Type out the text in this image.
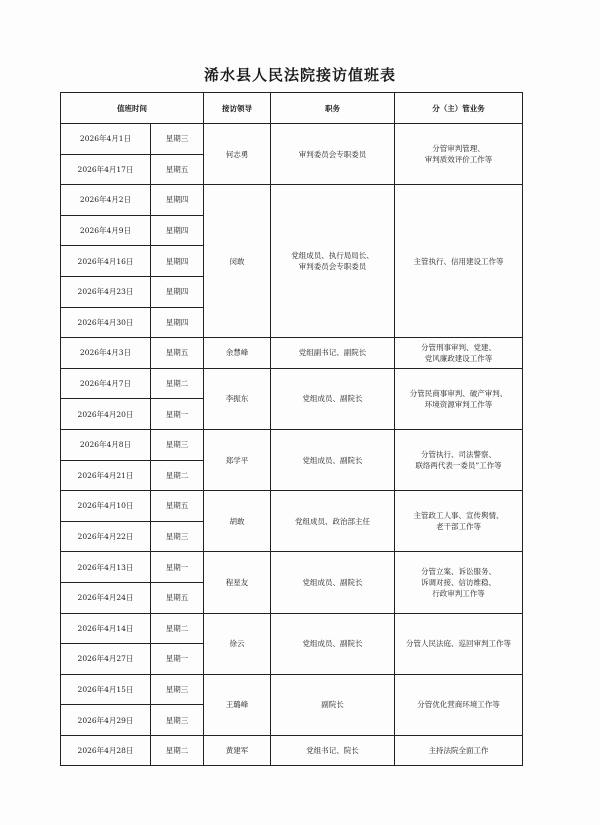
浠水县人民法院接访值班表
值班时间		接访领导	职务	分（主）管业务
2026年4月1日	星期三	何志勇	审判委员会专职委员	分管审判管理、
审判质效评价工作等

2026年4月17日	星期五			
2026年4月2日	星期四	闵敢	党组成员、执行局局长、
审判委员会专职委员	主管执行、信用建设工作等

2026年4月9日	星期四			
2026年4月16日	星期四			
2026年4月23日	星期四			
2026年4月30日	星期四			
2026年4月3日	星期五	余慧峰	党组副书记、副院长	分管刑事审判、党建、
党风廉政建设工作等

2026年4月7日	星期二	李振东	党组成员、副院长	分管民商事审判、破产审判、
环境资源审判工作等

2026年4月20日	星期一			
2026年4月8日	星期三	郑学平	党组成员、副院长	分管执行、司法警察、
联络两代表一委员”工作等

2026年4月21日	星期二			
2026年4月10日	星期五	胡敢	党组成员、政治部主任	主管政工人事、宣传舆情、
老干部工作等

2026年4月22日	星期三			
2026年4月13日	星期一	程星友	党组成员、副院长	分管立案、诉讼服务、
诉调对接、信访维稳、
行政审判工作等

2026年4月24日	星期五			
2026年4月14日	星期二	徐云	党组成员、副院长	分管人民法庭、巡回审判工作等

2026年4月27日	星期一			
2026年4月15日	星期三	王璐峰	副院长	分管优化营商环境工作等

2026年4月29日	星期三			
2026年4月28日	星期二	黄建军	党组书记、院长	主持法院全面工作
